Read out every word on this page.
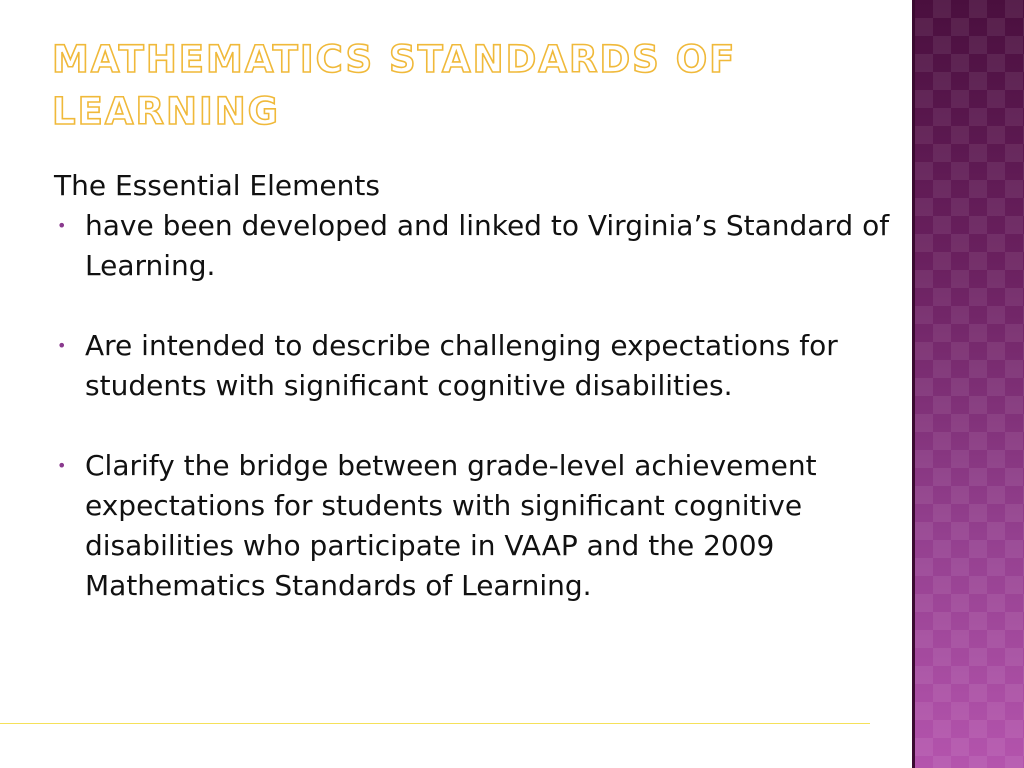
MATHEMATICS STANDARDS OF LEARNING

The Essential Elements

• have been developed and linked to Virginia’s Standard of Learning.
• Are intended to describe challenging expectations for students with significant cognitive disabilities.
• Clarify the bridge between grade-level achievement expectations for students with significant cognitive disabilities who participate in VAAP and the 2009 Mathematics Standards of Learning.
